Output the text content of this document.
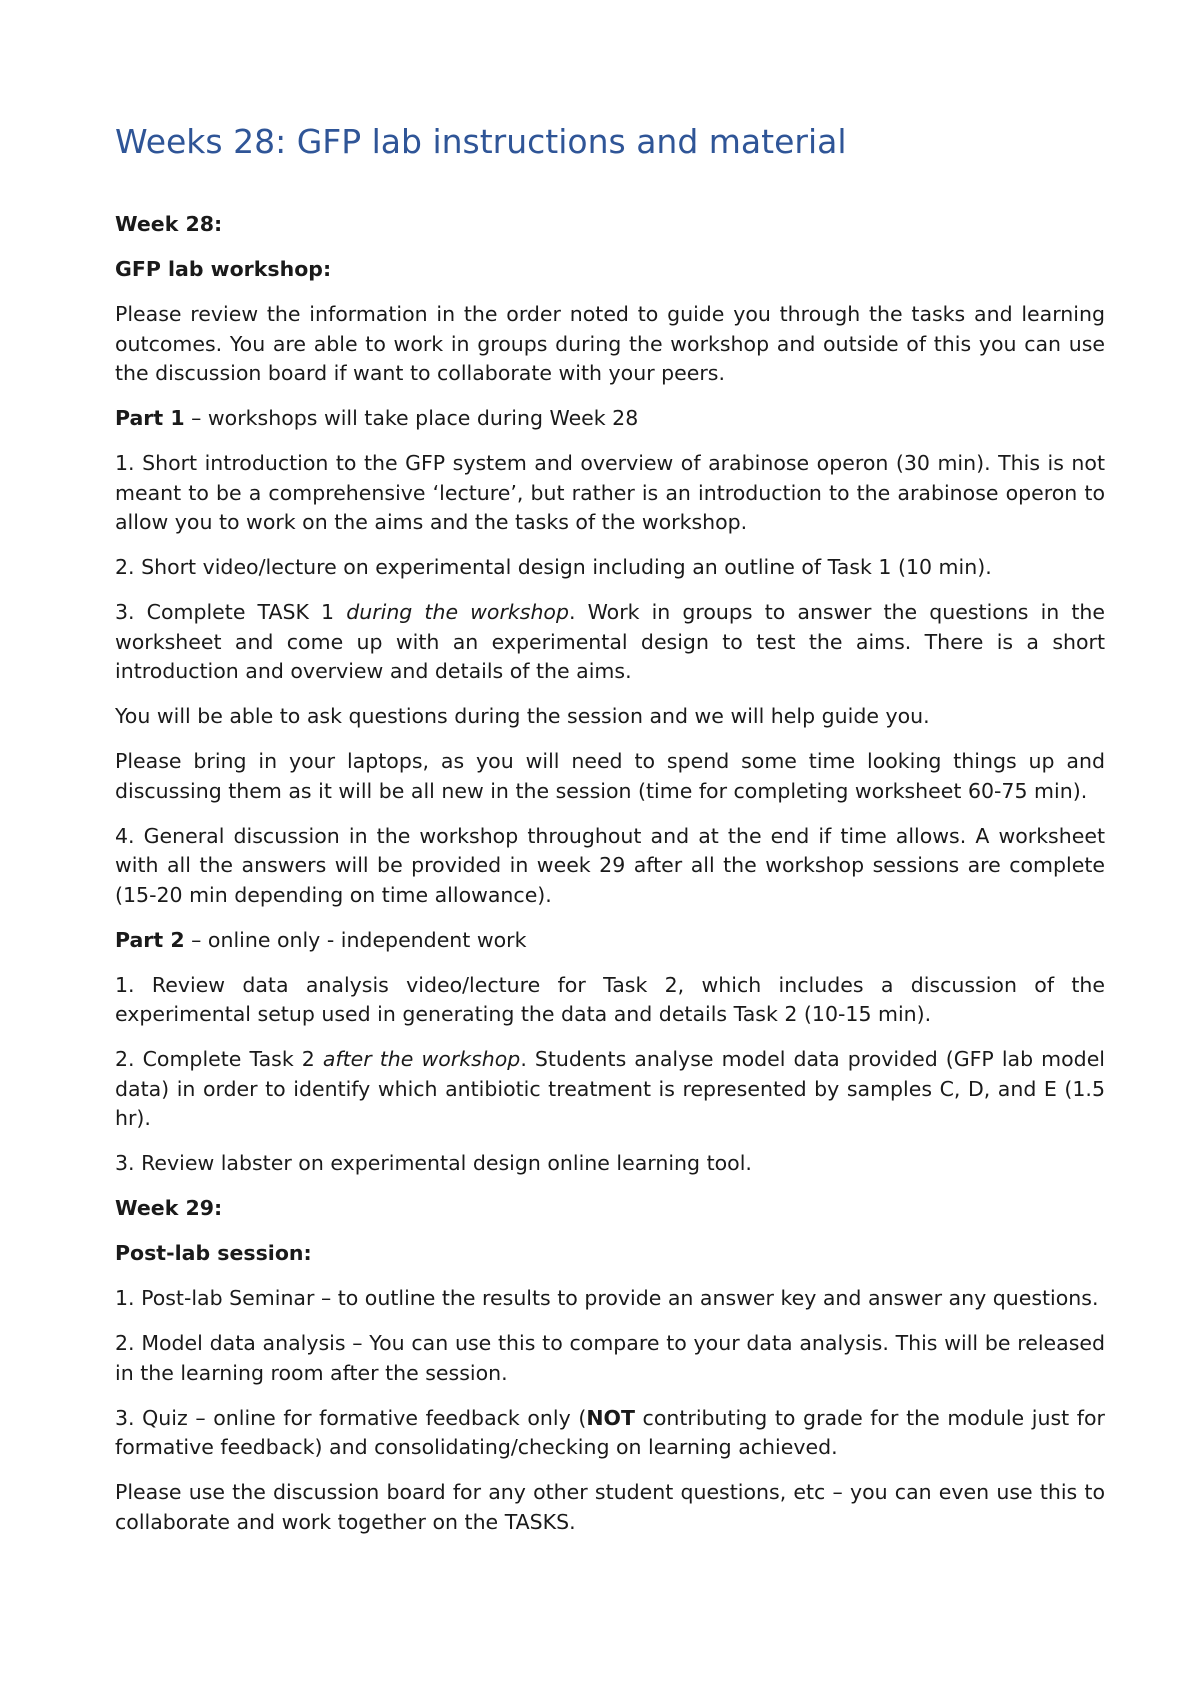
Weeks 28: GFP lab instructions and material

Week 28:

GFP lab workshop:

Please review the information in the order noted to guide you through the tasks and learning outcomes. You are able to work in groups during the workshop and outside of this you can use the discussion board if want to collaborate with your peers.

Part 1 – workshops will take place during Week 28

1. Short introduction to the GFP system and overview of arabinose operon (30 min). This is not meant to be a comprehensive ‘lecture’, but rather is an introduction to the arabinose operon to allow you to work on the aims and the tasks of the workshop.

2. Short video/lecture on experimental design including an outline of Task 1 (10 min).

3. Complete TASK 1 during the workshop. Work in groups to answer the questions in the worksheet and come up with an experimental design to test the aims. There is a short introduction and overview and details of the aims.

You will be able to ask questions during the session and we will help guide you.

Please bring in your laptops, as you will need to spend some time looking things up and discussing them as it will be all new in the session (time for completing worksheet 60-75 min).

4. General discussion in the workshop throughout and at the end if time allows. A worksheet with all the answers will be provided in week 29 after all the workshop sessions are complete (15-20 min depending on time allowance).

Part 2 – online only - independent work

1. Review data analysis video/lecture for Task 2, which includes a discussion of the experimental setup used in generating the data and details Task 2 (10-15 min).

2. Complete Task 2 after the workshop. Students analyse model data provided (GFP lab model data) in order to identify which antibiotic treatment is represented by samples C, D, and E (1.5 hr).

3. Review labster on experimental design online learning tool.

Week 29:

Post-lab session:

1. Post-lab Seminar – to outline the results to provide an answer key and answer any questions.

2. Model data analysis – You can use this to compare to your data analysis. This will be released in the learning room after the session.

3. Quiz – online for formative feedback only (NOT contributing to grade for the module just for formative feedback) and consolidating/checking on learning achieved.

Please use the discussion board for any other student questions, etc – you can even use this to collaborate and work together on the TASKS.
